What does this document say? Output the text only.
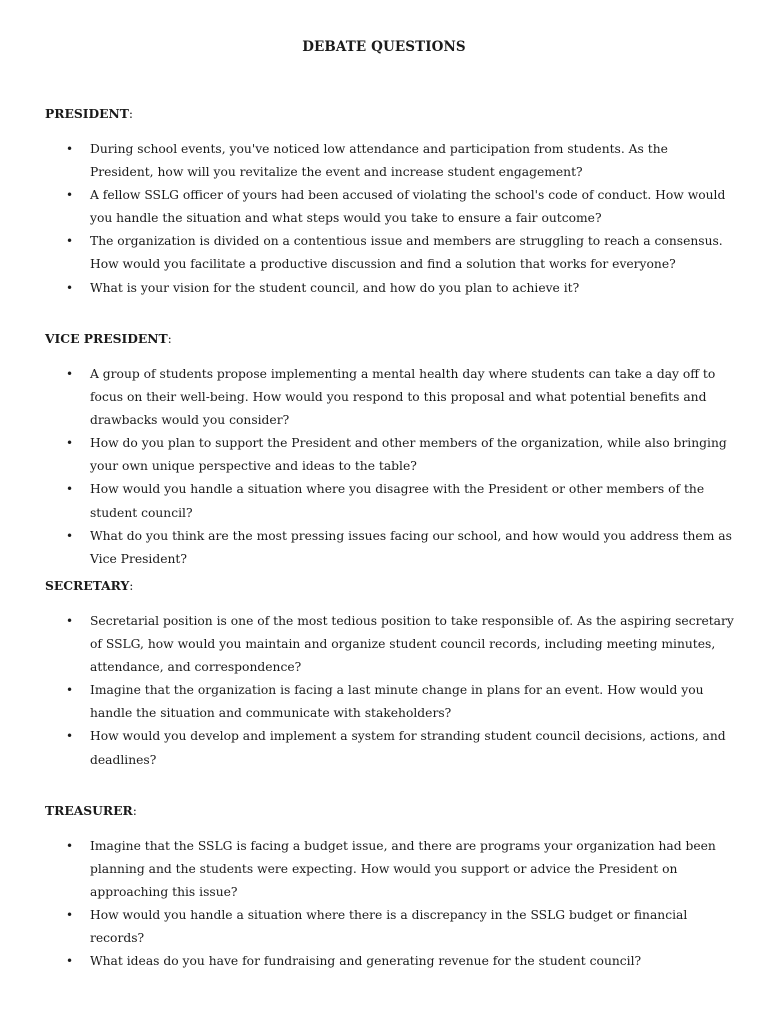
DEBATE QUESTIONS

PRESIDENT:

• During school events, you've noticed low attendance and participation from students. As the President, how will you revitalize the event and increase student engagement?
• A fellow SSLG officer of yours had been accused of violating the school's code of conduct. How would you handle the situation and what steps would you take to ensure a fair outcome?
• The organization is divided on a contentious issue and members are struggling to reach a consensus. How would you facilitate a productive discussion and find a solution that works for everyone?
• What is your vision for the student council, and how do you plan to achieve it?

VICE PRESIDENT:

• A group of students propose implementing a mental health day where students can take a day off to focus on their well-being. How would you respond to this proposal and what potential benefits and drawbacks would you consider?
• How do you plan to support the President and other members of the organization, while also bringing your own unique perspective and ideas to the table?
• How would you handle a situation where you disagree with the President or other members of the student council?
• What do you think are the most pressing issues facing our school, and how would you address them as Vice President?

SECRETARY:

• Secretarial position is one of the most tedious position to take responsible of. As the aspiring secretary of SSLG, how would you maintain and organize student council records, including meeting minutes, attendance, and correspondence?
• Imagine that the organization is facing a last minute change in plans for an event. How would you handle the situation and communicate with stakeholders?
• How would you develop and implement a system for stranding student council decisions, actions, and deadlines?

TREASURER:

• Imagine that the SSLG is facing a budget issue, and there are programs your organization had been planning and the students were expecting. How would you support or advice the President on approaching this issue?
• How would you handle a situation where there is a discrepancy in the SSLG budget or financial records?
• What ideas do you have for fundraising and generating revenue for the student council?
